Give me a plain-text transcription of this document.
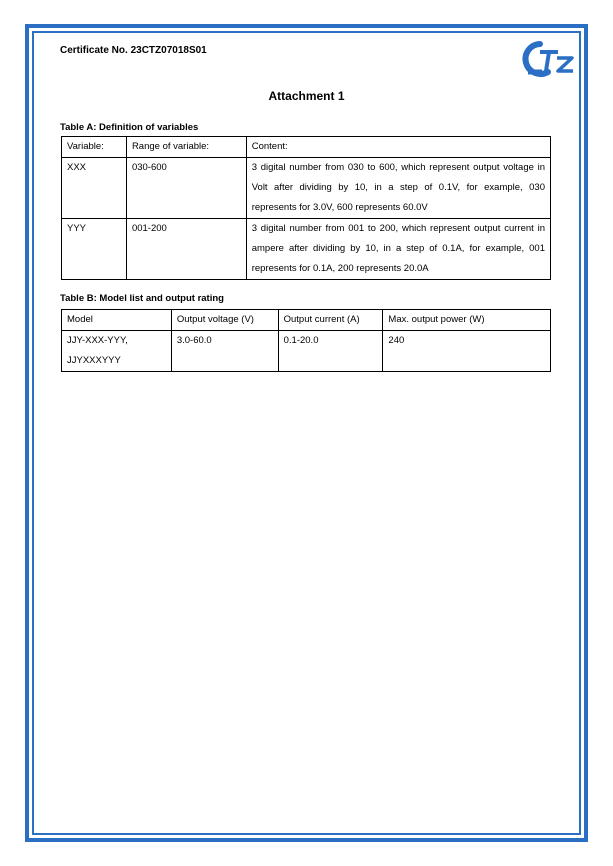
Certificate No. 23CTZ07018S01
Attachment 1
Table A: Definition of variables
Variable:	Range of variable:	Content:
XXX	030-600	3 digital number from 030 to 600, which represent output voltage in Volt after dividing by 10, in a step of 0.1V, for example, 030 represents for 3.0V, 600 represents 60.0V
YYY	001-200	3 digital number from 001 to 200, which represent output current in ampere after dividing by 10, in a step of 0.1A, for example, 001 represents for 0.1A, 200 represents 20.0A
Table B: Model list and output rating
Model	Output voltage (V)	Output current (A)	Max. output power (W)

JJY-XXX-YYY,
JJYXXXYYY	3.0-60.0	0.1-20.0	240
